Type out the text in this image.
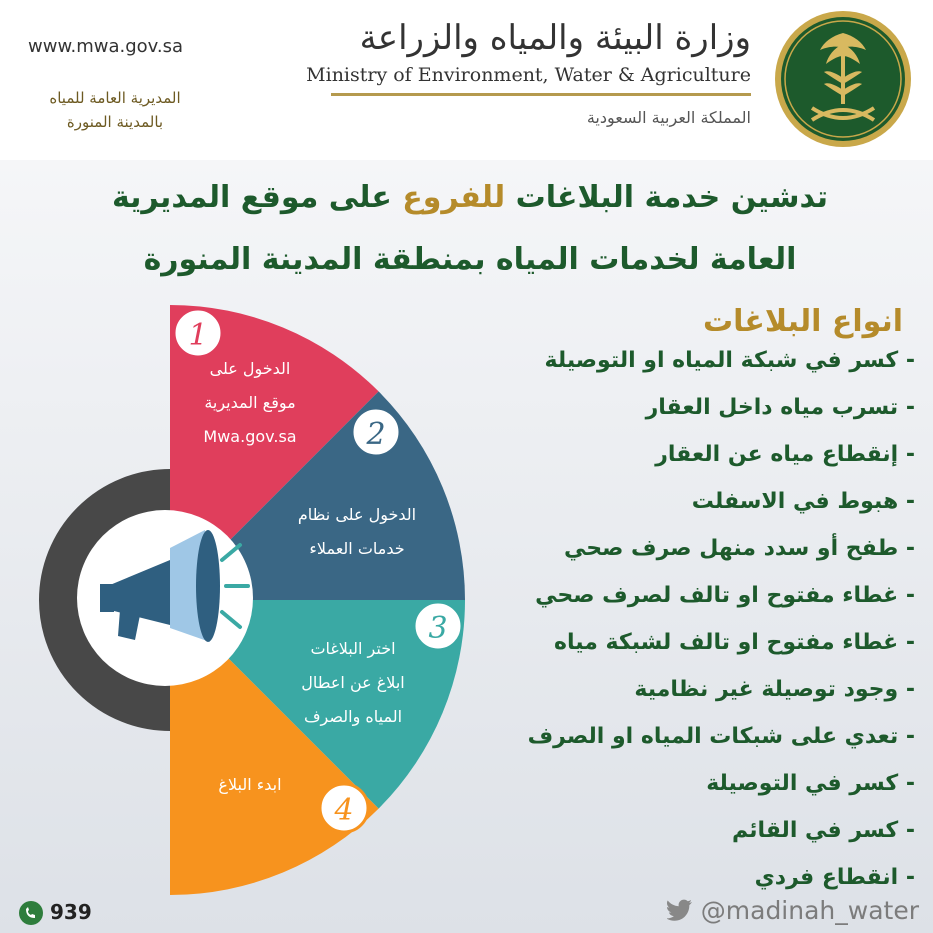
www.mwa.gov.sa
المديرية العامة للمياه
بالمدينة المنورة
وزارة البيئة والمياه والزراعة
Ministry of Environment, Water & Agriculture
المملكة العربية السعودية
تدشين خدمة البلاغات للفروع على موقع المديرية
العامة لخدمات المياه بمنطقة المدينة المنورة
انواع البلاغات
- كسر في شبكة المياه او التوصيلة
- تسرب مياه داخل العقار
- إنقطاع مياه عن العقار
- هبوط في الاسفلت
- طفح أو سدد منهل صرف صحي
- غطاء مفتوح او تالف لصرف صحي
- غطاء مفتوح او تالف لشبكة مياه
- وجود توصيلة غير نظامية
- تعدي على شبكات المياه او الصرف
- كسر في التوصيلة
- كسر في القائم
- انقطاع فردي
1
2
3
4
الدخول على
موقع المديرية
Mwa.gov.sa
الدخول على نظام
خدمات العملاء
اختر البلاغات
ابلاغ عن اعطال
المياه والصرف
ابدء البلاغ
939	@madinah_water
